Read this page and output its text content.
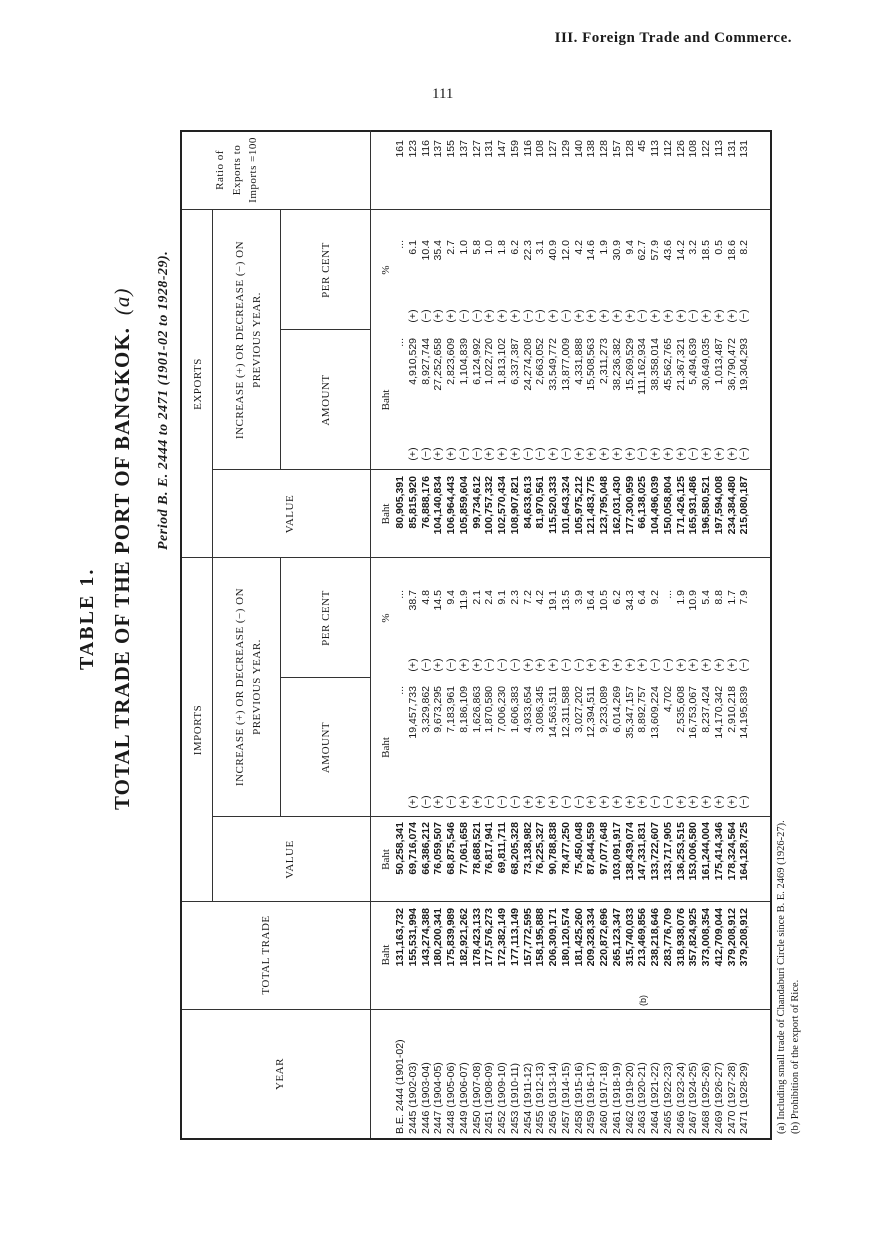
III. Foreign Trade and Commerce.
111
TABLE 1. TOTAL TRADE OF THE PORT OF BANGKOK.(a) Period B. E. 2444 to 2471 (1901-02 to 1928-29).
YEAR
TOTAL TRADE
IMPORTS
EXPORTS
VALUE
VALUE
INCREASE (+) OR DECREASE (−) ON PREVIOUS YEAR.
INCREASE (+) OR DECREASE (−) ON PREVIOUS YEAR.
AMOUNT
PER CENT
AMOUNT
PER CENT
Ratio of Exports to Imports =100
Baht
Baht
Baht
%
Baht
Baht
%
B.E. 2444 (1901-02) 2445 (1902-03) 2446 (1903-04) 2447 (1904-05) 2448 (1905-06) 2449 (1906-07) 2450 (1907-08) 2451 (1908-09) 2452 (1909-10) 2453 (1910-11) 2454 (1911-12) 2455 (1912-13) 2456 (1913-14) 2457 (1914-15) 2458 (1915-16) 2459 (1916-17) 2460 (1917-18) 2461 (1918-19) 2462 (1919-20) 2463 (1920-21) 2464 (1921-22) 2465 (1922-23) 2466 (1923-24) 2467 (1924-25) 2468 (1925-26) 2469 (1926-27) 2470 (1927-28) 2471 (1928-29)
131,163,732 155,531,994 143,274,388 180,200,341 175,839,989 182,921,262 178,423,133 177,576,273 172,382,149 177,113,149 157,772,595 158,195,888 206,309,171 180,120,574 181,425,260 209,328,334 220,872,696 265,123,347 315,740,033 213,469,856 238,218,646 283,776,709 318,938,076 357,824,925 373,008,354 412,709,044 379,208,912 379,208,912
50,258,341 69,716,074 66,386,212 76,059,507 68,875,546 77,061,658 78,688,521 76,817,941 69,811,711 68,205,328 73,138,982 76,225,327 90,788,838 78,477,250 75,450,048 87,844,559 97,077,648 103,091,917 138,439,074 147,331,831 133,722,607 133,717,905 136,253,515 153,006,580 161,244,004 175,414,346 178,324,564 164,128,725
(+) (−) (+) (−) (+) (+) (−) (−) (−) (+) (+) (+) (−) (−) (+) (+) (+) (+) (+) (−) (−) (+) (+) (+) (+) (+) (−)
... 19,457,733 3,329,862 9,673,295 7,183,961 8,186,109 1,626,863 1,870,580 7,006,230 1,606,383 4,933,654 3,086,345 14,563,511 12,311,588 3,027,202 12,394,511 9,233,089 6,014,269 35,347,157 8,892,757 13,609,224 4,702 2,535,608 16,753,067 8,237,424 14,170,342 2,910,218 14,195,839
(+) (−) (+) (−) (+) (+) (−) (−) (−) (+) (+) (+) (−) (−) (+) (+) (+) (+) (+) (−) (−) (+) (+) (+) (+) (+) (−)
... 38.7 4.8 14.5 9.4 11.9 2.1 2.4 9.1 2.3 7.2 4.2 19.1 13.5 3.9 16.4 10.5 6.2 34.3 6.4 9.2 ... 1.9 10.9 5.4 8.8 1.7 7.9
80,905,391 85,815,920 76,888,176 104,140,834 106,964,443 105,859,604 99,734,612 100,757,332 102,570,434 108,907,821 84,633,613 81,970,561 115,520,333 101,643,324 105,975,212 121,483,775 123,795,048 162,031,430 177,300,959 66,138,025 104,496,039 150,058,804 171,426,125 165,931,486 196,580,521 197,594,008 234,384,480 215,080,187
(+) (−) (+) (+) (−) (−) (+) (+) (+) (−) (−) (+) (−) (+) (+) (+) (+) (+) (−) (+) (+) (+) (−) (+) (+) (+) (−)
... 4,910,529 8,927,744 27,252,658 2,823,609 1,104,839 6,124,992 1,022,720 1,813,102 6,337,387 24,274,208 2,663,052 33,549,772 13,877,009 4,331,888 15,508,563 2,311,273 38,236,382 15,269,529 111,162,934 38,358,014 45,562,765 21,367,321 5,494,639 30,649,035 1,013,487 36,790,472 19,304,293
(+) (−) (+) (+) (−) (−) (+) (+) (+) (−) (−) (+) (−) (+) (+) (+) (+) (+) (−) (+) (+) (+) (−) (+) (+) (+) (−)
... 6.1 10.4 35.4 2.7 1.0 5.8 1.0 1.8 6.2 22.3 3.1 40.9 12.0 4.2 14.6 1.9 30.9 9.4 62.7 57.9 43.6 14.2 3.2 18.5 0.5 18.6 8.2
161 123 116 137 155 137 127 131 147 159 116 108 127 129 140 138 128 157 128 45 113 112 126 108 122 113 131 131
(b)	(a) Including small trade of Chandaburi Circle since B. E. 2469 (1926-27). (b) Prohibition of the export of Rice.
